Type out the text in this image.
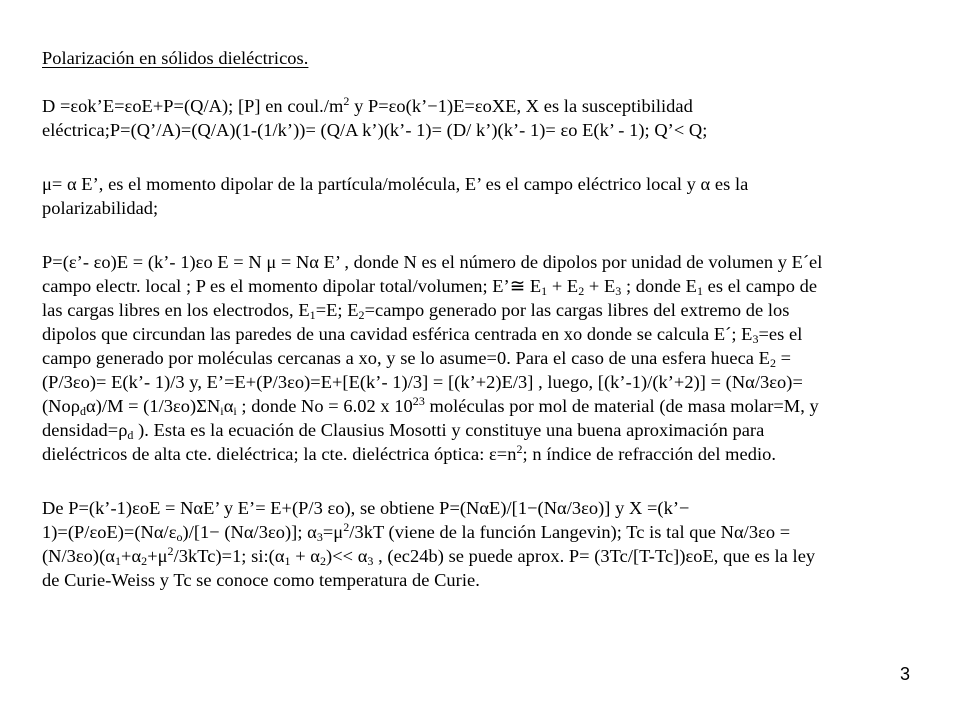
Polarización en sólidos dieléctricos.
D =εok’E=εoE+P=(Q/A); [P] en $coul./m^2$ y P=εo(k’−1)E=εoXE, X es la susceptibilidad
eléctrica;P=(Q’/A)=(Q/A)(1-(1/k’))= (Q/A k’)(k’- 1)= (D/ k’)(k’- 1)= εo E(k’ - 1); Q’< Q;
μ= α E’, es el momento dipolar de la partícula/molécula, E’ es el campo eléctrico local y α es la
polarizabilidad;
P=(ε’- εo)E = (k’- 1)εo E = N μ = Nα E’ , donde N es el número de dipolos por unidad de volumen y E´el
campo electr. local ; P es el momento dipolar total/volumen; E’≅ $E_1 + E_2 + E_3$ ; donde $E_1$ es el campo de
las cargas libres en los electrodos, $E_1=E$; $E_2=campo$ generado por las cargas libres del extremo de los
dipolos que circundan las paredes de una cavidad esférica centrada en xo donde se calcula E´; $E_3=es$ el
campo generado por moléculas cercanas a xo, y se lo asume=0. Para el caso de una esfera hueca $E_2$ =
(P/3εo)= E(k’- 1)/3 y, E’=E+(P/3εo)=E+[E(k’- 1)/3] = [(k’+2)E/3] , luego, [(k’-1)/(k’+2)] = (Nα/3εo)=
$(No\rho_d\alpha)/M = (1/3\varepsilon o)\Sigma N_i\alpha_i$ ; donde No = 6.02 x $10^{23}$ moléculas por mol de material (de masa molar=M, y
$densidad=\rho_d$ ). Esta es la ecuación de Clausius Mosotti y constituye una buena aproximación para
dieléctricos de alta cte. dieléctrica; la cte. dieléctrica óptica: $\varepsilon=n^2$; n índice de refracción del medio.
De P=(k’-1)εoE = NαE’ y E’= E+(P/3 εo), se obtiene P=(NαE)/[1−(Nα/3εo)] y X =(k’−
$1)=(P/\varepsilon oE)=(N\alpha/\varepsilon_o)/[1- (N\alpha/3\varepsilon o)]$; $\alpha_3=\mu^2/3kT$ (viene de la función Langevin); Tc is tal que Nα/3εo =
$(N/3\varepsilon o)(\alpha_1+\alpha_2+\mu^2/3kTc)=1$; $si:(\alpha_1 + \alpha_2)<< \alpha_3$ , (ec24b) se puede aprox. P= (3Tc/[T-Tc])εoE, que es la ley
de Curie-Weiss y Tc se conoce como temperatura de Curie.
3
